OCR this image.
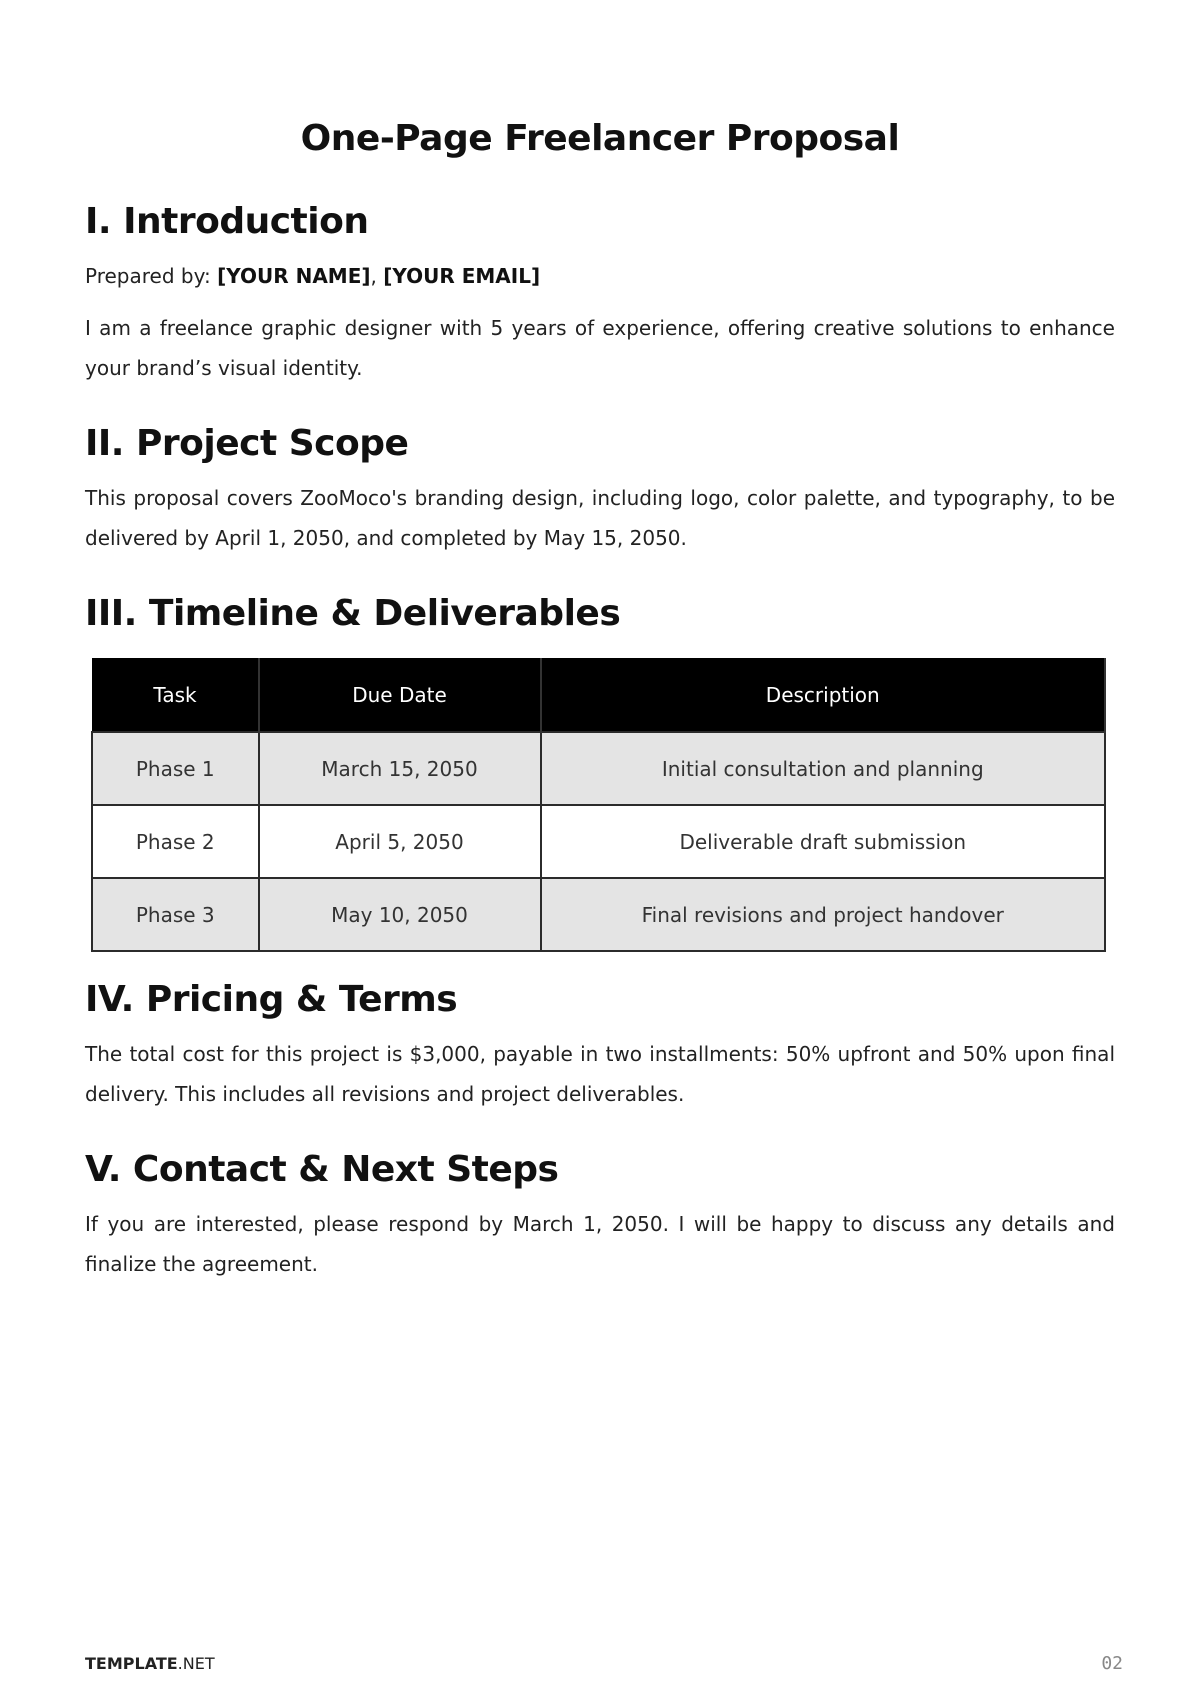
One-Page Freelancer Proposal
I. Introduction

Prepared by: [YOUR NAME], [YOUR EMAIL]

I am a freelance graphic designer with 5 years of experience, offering creative solutions to enhance your brand’s visual identity.

II. Project Scope

This proposal covers ZooMoco's branding design, including logo, color palette, and typography, to be delivered by April 1, 2050, and completed by May 15, 2050.

III. Timeline & Deliverables
Task	Due Date	Description
Phase 1	March 15, 2050	Initial consultation and planning
Phase 2	April 5, 2050	Deliverable draft submission
Phase 3	May 10, 2050	Final revisions and project handover
IV. Pricing & Terms

The total cost for this project is $3,000, payable in two installments: 50% upfront and 50% upon final delivery. This includes all revisions and project deliverables.

V. Contact & Next Steps

If you are interested, please respond by March 1, 2050. I will be happy to discuss any details and finalize the agreement.

TEMPLATE.NET	02
